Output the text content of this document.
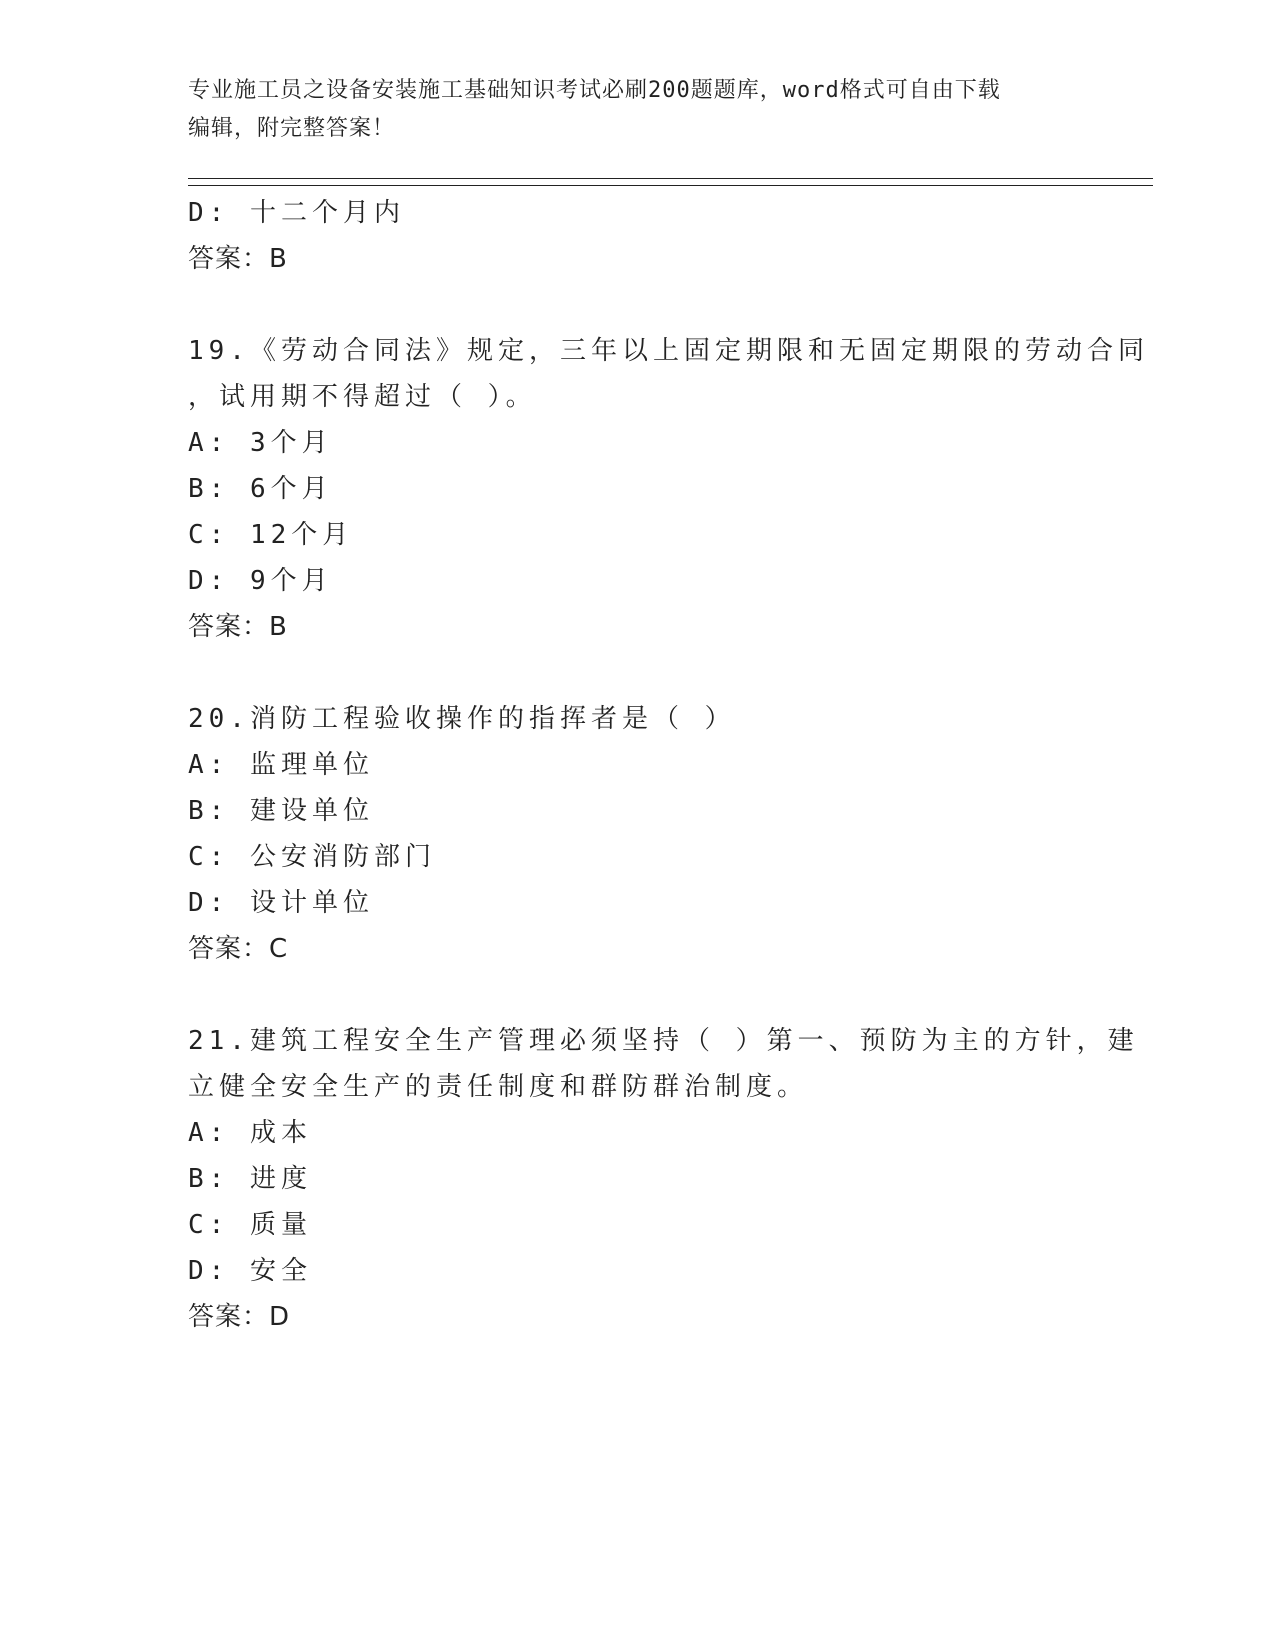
专业施工员之设备安装施工基础知识考试必刷200题题库，word格式可自由下载
编辑，附完整答案！
D: 十二个月内
答案：B
19.《劳动合同法》规定，三年以上固定期限和无固定期限的劳动合同
，试用期不得超过（ ）。
A: 3个月
B: 6个月
C: 12个月
D: 9个月
答案：B
20.消防工程验收操作的指挥者是（ ）
A: 监理单位
B: 建设单位
C: 公安消防部门
D: 设计单位
答案：C
21.建筑工程安全生产管理必须坚持（ ）第一、预防为主的方针，建
立健全安全生产的责任制度和群防群治制度。
A: 成本
B: 进度
C: 质量
D: 安全
答案：D
